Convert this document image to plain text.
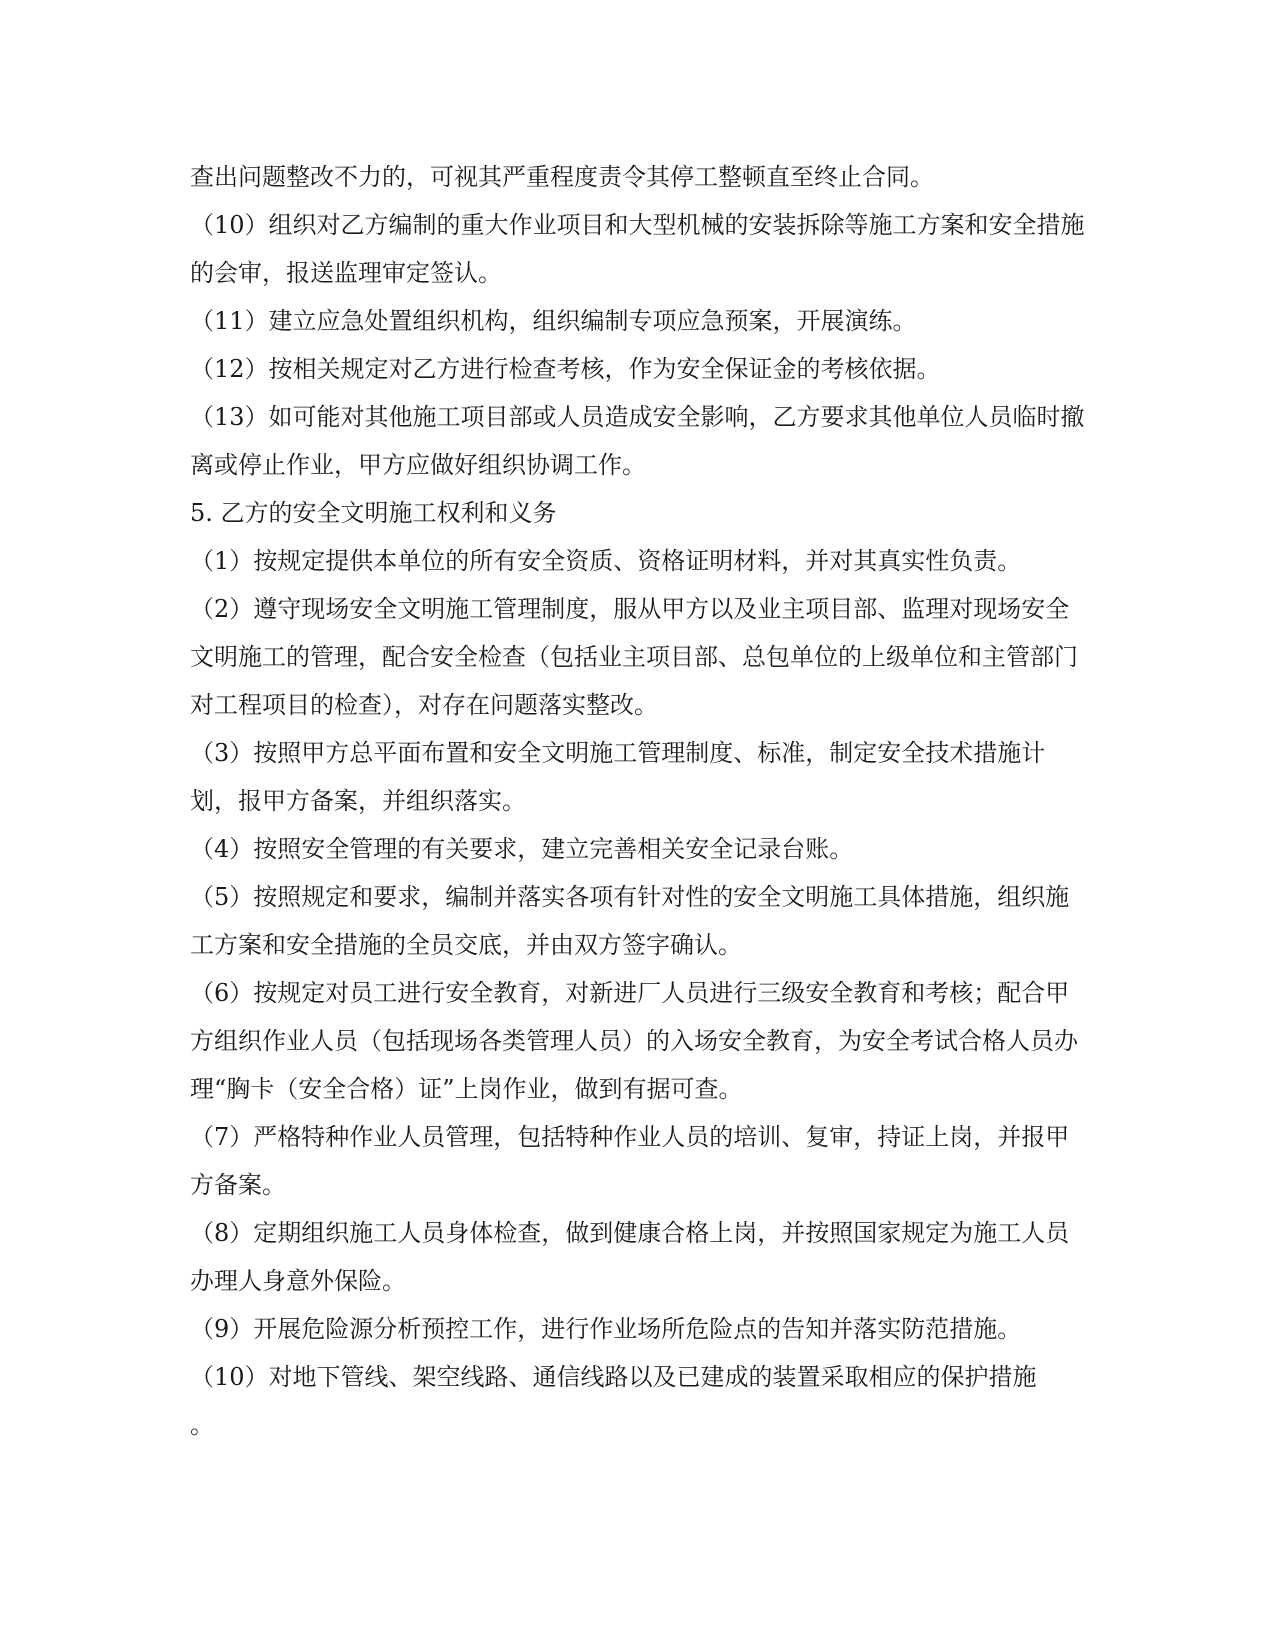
查出问题整改不力的，可视其严重程度责令其停工整顿直至终止合同。

（10）组织对乙方编制的重大作业项目和大型机械的安装拆除等施工方案和安全措施的会审，报送监理审定签认。

（11）建立应急处置组织机构，组织编制专项应急预案，开展演练。

（12）按相关规定对乙方进行检查考核，作为安全保证金的考核依据。

（13）如可能对其他施工项目部或人员造成安全影响，乙方要求其他单位人员临时撤离或停止作业，甲方应做好组织协调工作。

5. 乙方的安全文明施工权利和义务

（1）按规定提供本单位的所有安全资质、资格证明材料，并对其真实性负责。

（2）遵守现场安全文明施工管理制度，服从甲方以及业主项目部、监理对现场安全文明施工的管理，配合安全检查（包括业主项目部、总包单位的上级单位和主管部门对工程项目的检查），对存在问题落实整改。

（3）按照甲方总平面布置和安全文明施工管理制度、标准，制定安全技术措施计划，报甲方备案，并组织落实。

（4）按照安全管理的有关要求，建立完善相关安全记录台账。

（5）按照规定和要求，编制并落实各项有针对性的安全文明施工具体措施，组织施工方案和安全措施的全员交底，并由双方签字确认。

（6）按规定对员工进行安全教育，对新进厂人员进行三级安全教育和考核；配合甲方组织作业人员（包括现场各类管理人员）的入场安全教育，为安全考试合格人员办理“胸卡（安全合格）证”上岗作业，做到有据可查。

（7）严格特种作业人员管理，包括特种作业人员的培训、复审，持证上岗，并报甲方备案。

（8）定期组织施工人员身体检查，做到健康合格上岗，并按照国家规定为施工人员办理人身意外保险。

（9）开展危险源分析预控工作，进行作业场所危险点的告知并落实防范措施。

（10）对地下管线、架空线路、通信线路以及已建成的装置采取相应的保护措施

。
